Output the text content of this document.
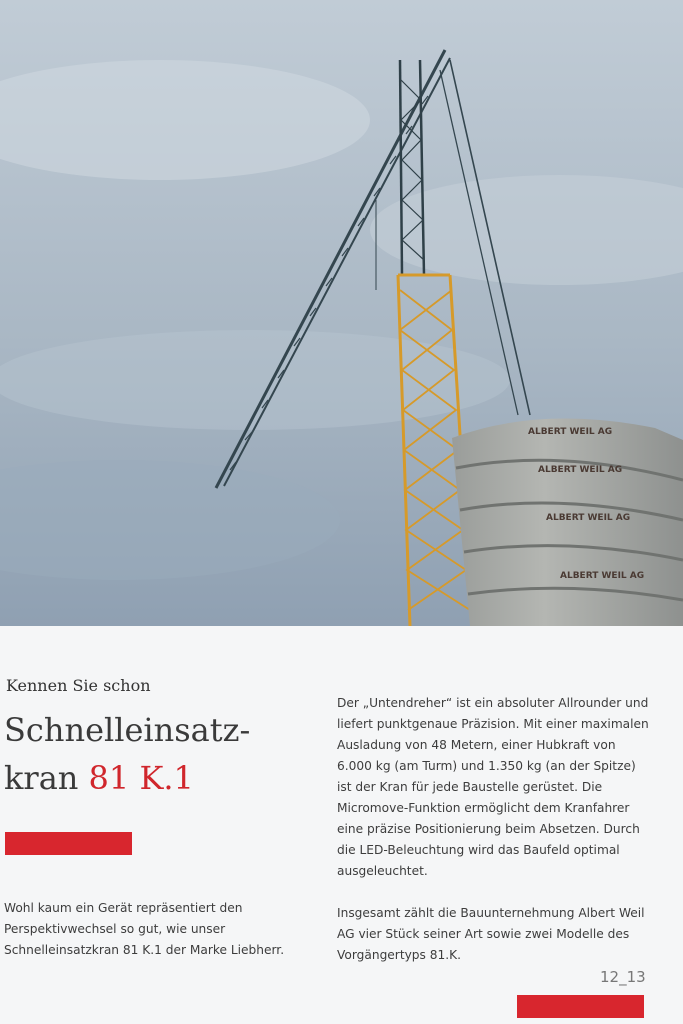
ALBERT WEIL AG
ALBERT WEIL AG
ALBERT WEIL AG
ALBERT WEIL AG
Kennen Sie schon
Schnelleinsatz-
kran 81 K.1
Wohl kaum ein Gerät repräsentiert den
Perspektivwechsel so gut, wie unser
Schnelleinsatzkran 81 K.1 der Marke Liebherr.

Der „Untendreher“ ist ein absoluter Allrounder und
liefert punktgenaue Präzision. Mit einer maximalen
Ausladung von 48 Metern, einer Hubkraft von
6.000 kg (am Turm) und 1.350 kg (an der Spitze)
ist der Kran für jede Baustelle gerüstet. Die
Micromove-Funktion ermöglicht dem Kranfahrer
eine präzise Positionierung beim Absetzen. Durch
die LED-Beleuchtung wird das Baufeld optimal
ausgeleuchtet.

Insgesamt zählt die Bauunternehmung Albert Weil
AG vier Stück seiner Art sowie zwei Modelle des
Vorgängertyps 81.K.

12_13
